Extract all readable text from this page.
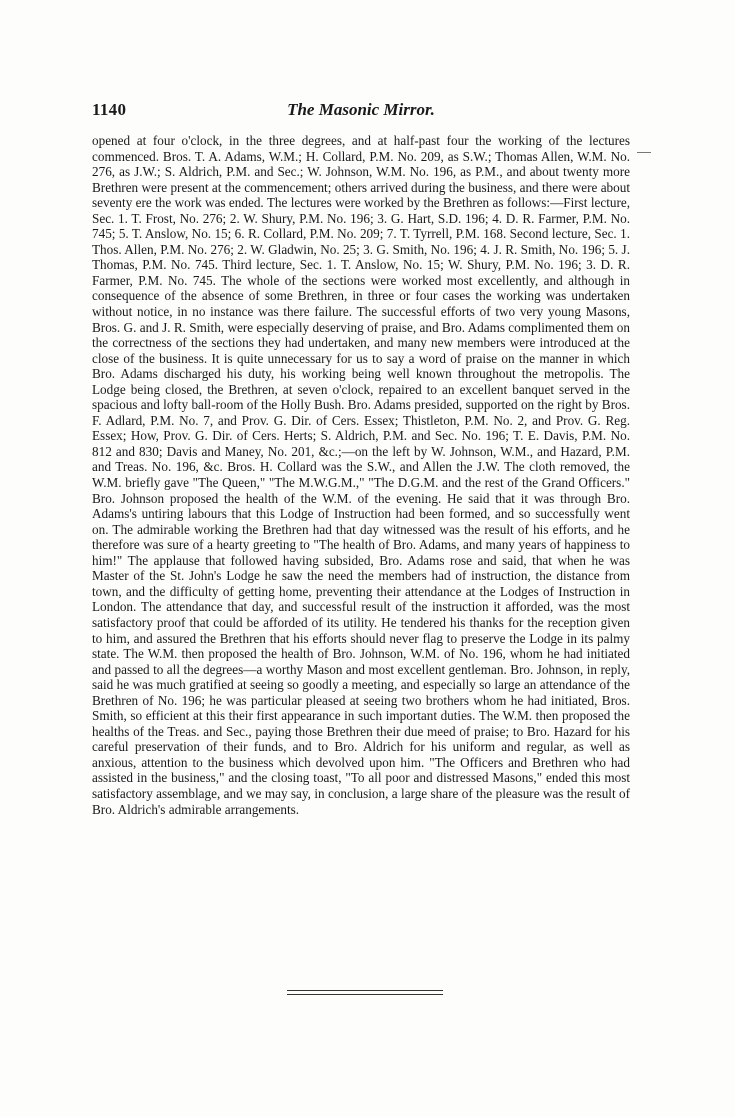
1140	The Masonic Mirror.

opened at four o'clock, in the three degrees, and at half-past four the working of the lectures commenced. Bros. T. A. Adams, W.M.; H. Collard, P.M. No. 209, as S.W.; Thomas Allen, W.M. No. 276, as J.W.; S. Aldrich, P.M. and Sec.; W. Johnson, W.M. No. 196, as P.M., and about twenty more Brethren were present at the commencement; others arrived during the business, and there were about seventy ere the work was ended. The lectures were worked by the Brethren as follows:—First lecture, Sec. 1. T. Frost, No. 276; 2. W. Shury, P.M. No. 196; 3. G. Hart, S.D. 196; 4. D. R. Farmer, P.M. No. 745; 5. T. Anslow, No. 15; 6. R. Collard, P.M. No. 209; 7. T. Tyrrell, P.M. 168. Second lecture, Sec. 1. Thos. Allen, P.M. No. 276; 2. W. Gladwin, No. 25; 3. G. Smith, No. 196; 4. J. R. Smith, No. 196; 5. J. Thomas, P.M. No. 745. Third lecture, Sec. 1. T. Anslow, No. 15; W. Shury, P.M. No. 196; 3. D. R. Farmer, P.M. No. 745. The whole of the sections were worked most excellently, and although in consequence of the absence of some Brethren, in three or four cases the working was undertaken without notice, in no instance was there failure. The successful efforts of two very young Masons, Bros. G. and J. R. Smith, were especially deserving of praise, and Bro. Adams complimented them on the correctness of the sections they had undertaken, and many new members were introduced at the close of the business. It is quite unnecessary for us to say a word of praise on the manner in which Bro. Adams discharged his duty, his working being well known throughout the metropolis. The Lodge being closed, the Brethren, at seven o'clock, repaired to an excellent banquet served in the spacious and lofty ball-room of the Holly Bush. Bro. Adams presided, supported on the right by Bros. F. Adlard, P.M. No. 7, and Prov. G. Dir. of Cers. Essex; Thistleton, P.M. No. 2, and Prov. G. Reg. Essex; How, Prov. G. Dir. of Cers. Herts; S. Aldrich, P.M. and Sec. No. 196; T. E. Davis, P.M. No. 812 and 830; Davis and Maney, No. 201, &c.;—on the left by W. Johnson, W.M., and Hazard, P.M. and Treas. No. 196, &c. Bros. H. Collard was the S.W., and Allen the J.W. The cloth removed, the W.M. briefly gave "The Queen," "The M.W.G.M.," "The D.G.M. and the rest of the Grand Officers." Bro. Johnson proposed the health of the W.M. of the evening. He said that it was through Bro. Adams's untiring labours that this Lodge of Instruction had been formed, and so successfully went on. The admirable working the Brethren had that day witnessed was the result of his efforts, and he therefore was sure of a hearty greeting to "The health of Bro. Adams, and many years of happiness to him!" The applause that followed having subsided, Bro. Adams rose and said, that when he was Master of the St. John's Lodge he saw the need the members had of instruction, the distance from town, and the difficulty of getting home, preventing their attendance at the Lodges of Instruction in London. The attendance that day, and successful result of the instruction it afforded, was the most satisfactory proof that could be afforded of its utility. He tendered his thanks for the reception given to him, and assured the Brethren that his efforts should never flag to preserve the Lodge in its palmy state. The W.M. then proposed the health of Bro. Johnson, W.M. of No. 196, whom he had initiated and passed to all the degrees—a worthy Mason and most excellent gentleman. Bro. Johnson, in reply, said he was much gratified at seeing so goodly a meeting, and especially so large an attendance of the Brethren of No. 196; he was particular pleased at seeing two brothers whom he had initiated, Bros. Smith, so efficient at this their first appearance in such important duties. The W.M. then proposed the healths of the Treas. and Sec., paying those Brethren their due meed of praise; to Bro. Hazard for his careful preservation of their funds, and to Bro. Aldrich for his uniform and regular, as well as anxious, attention to the business which devolved upon him. "The Officers and Brethren who had assisted in the business," and the closing toast, "To all poor and distressed Masons," ended this most satisfactory assemblage, and we may say, in conclusion, a large share of the pleasure was the result of Bro. Aldrich's admirable arrangements.
